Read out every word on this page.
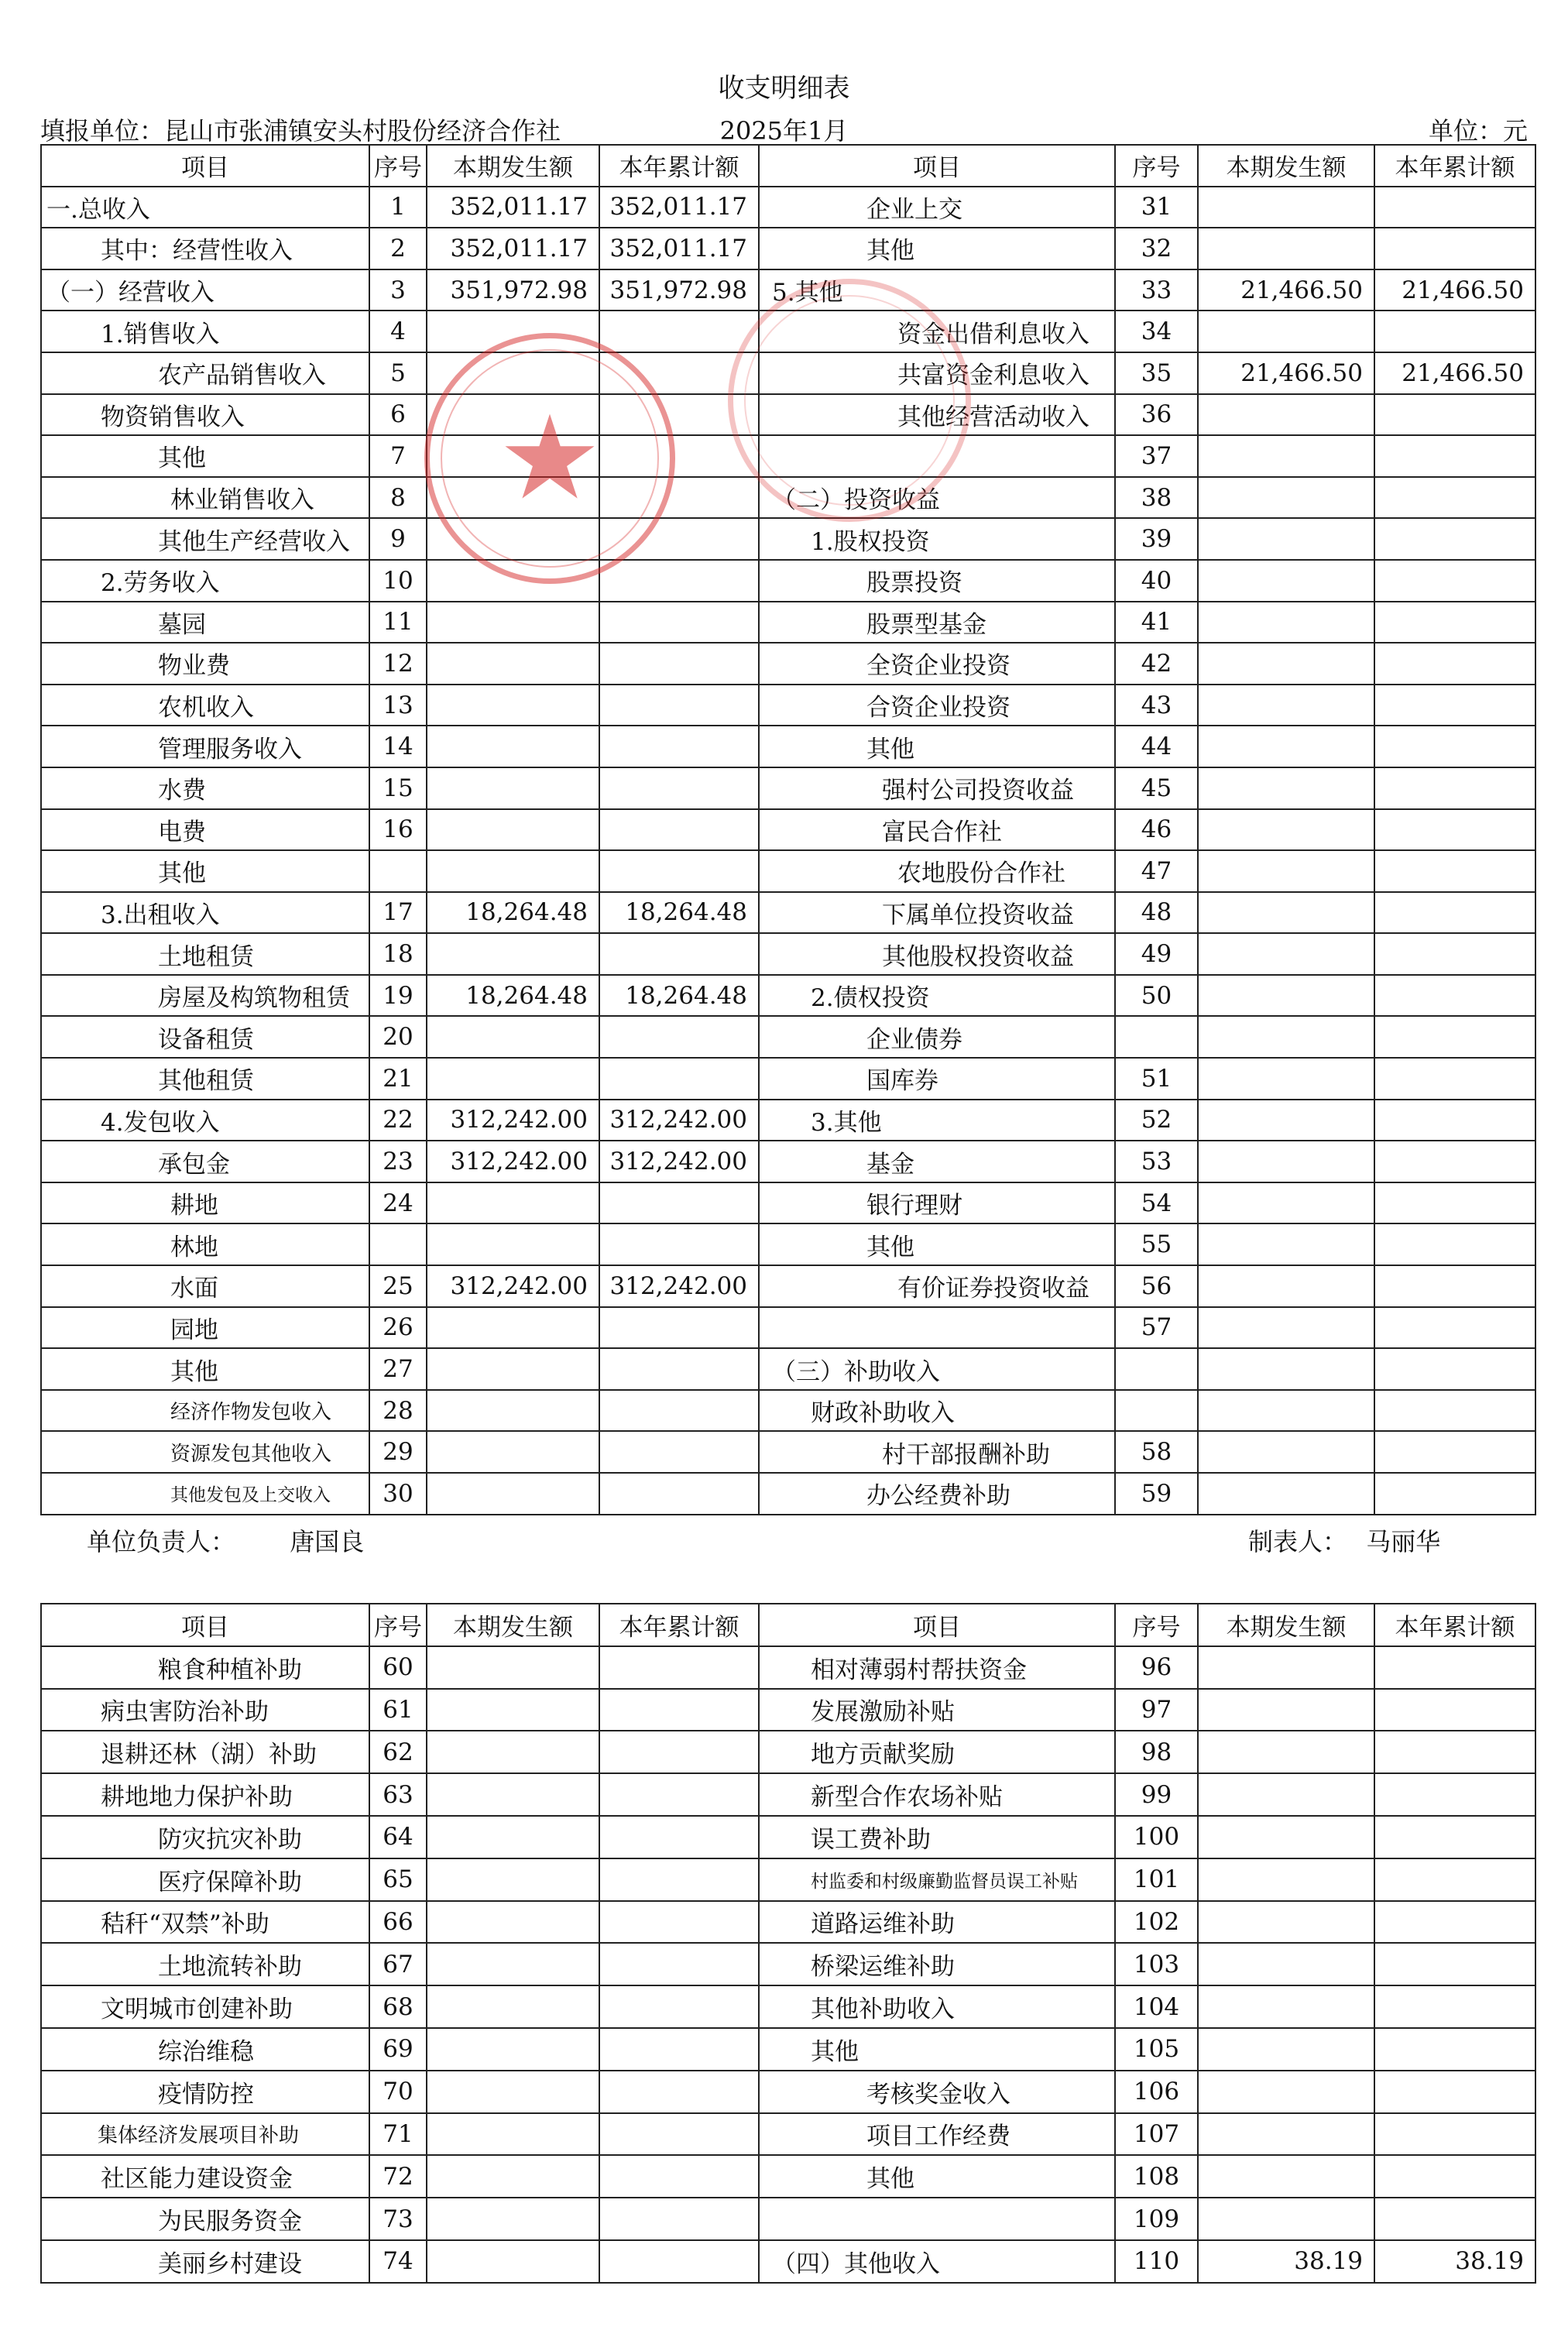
收支明细表
填报单位：昆山市张浦镇安头村股份经济合作社	2025年1月	单位：元
项目	序号	本期发生额	本年累计额	项目	序号	本期发生额	本年累计额
一.总收入	1	352,011.17	352,011.17	企业上交	31		
其中：经营性收入	2	352,011.17	352,011.17	其他	32		
（一）经营收入	3	351,972.98	351,972.98	5.其他	33	21,466.50	21,466.50
1.销售收入	4			资金出借利息收入	34		
农产品销售收入	5			共富资金利息收入	35	21,466.50	21,466.50
物资销售收入	6			其他经营活动收入	36		
其他	7				37		
林业销售收入	8			（二）投资收益	38		
其他生产经营收入	9			1.股权投资	39		
2.劳务收入	10			股票投资	40		
墓园	11			股票型基金	41		
物业费	12			全资企业投资	42		
农机收入	13			合资企业投资	43		
管理服务收入	14			其他	44		
水费	15			强村公司投资收益	45		
电费	16			富民合作社	46		
其他				农地股份合作社	47		
3.出租收入	17	18,264.48	18,264.48	下属单位投资收益	48		
土地租赁	18			其他股权投资收益	49		
房屋及构筑物租赁	19	18,264.48	18,264.48	2.债权投资	50		
设备租赁	20			企业债券			
其他租赁	21			国库券	51		
4.发包收入	22	312,242.00	312,242.00	3.其他	52		
承包金	23	312,242.00	312,242.00	基金	53		
耕地	24			银行理财	54		
林地				其他	55		
水面	25	312,242.00	312,242.00	有价证券投资收益	56		
园地	26				57		
其他	27			（三）补助收入			
经济作物发包收入	28			财政补助收入			
资源发包其他收入	29			村干部报酬补助	58		
其他发包及上交收入	30			办公经费补助	59		
单位负责人： 唐国良	制表人： 马丽华
项目	序号	本期发生额	本年累计额	项目	序号	本期发生额	本年累计额
粮食种植补助	60			相对薄弱村帮扶资金	96		
病虫害防治补助	61			发展激励补贴	97		
退耕还林（湖）补助	62			地方贡献奖励	98		
耕地地力保护补助	63			新型合作农场补贴	99		
防灾抗灾补助	64			误工费补助	100		
医疗保障补助	65			村监委和村级廉勤监督员误工补贴	101		
秸秆“双禁”补助	66			道路运维补助	102		
土地流转补助	67			桥梁运维补助	103		
文明城市创建补助	68			其他补助收入	104		
综治维稳	69			其他	105		
疫情防控	70			考核奖金收入	106		
集体经济发展项目补助	71			项目工作经费	107		
社区能力建设资金	72			其他	108		
为民服务资金	73				109		
美丽乡村建设	74			（四）其他收入	110	38.19	38.19
★
